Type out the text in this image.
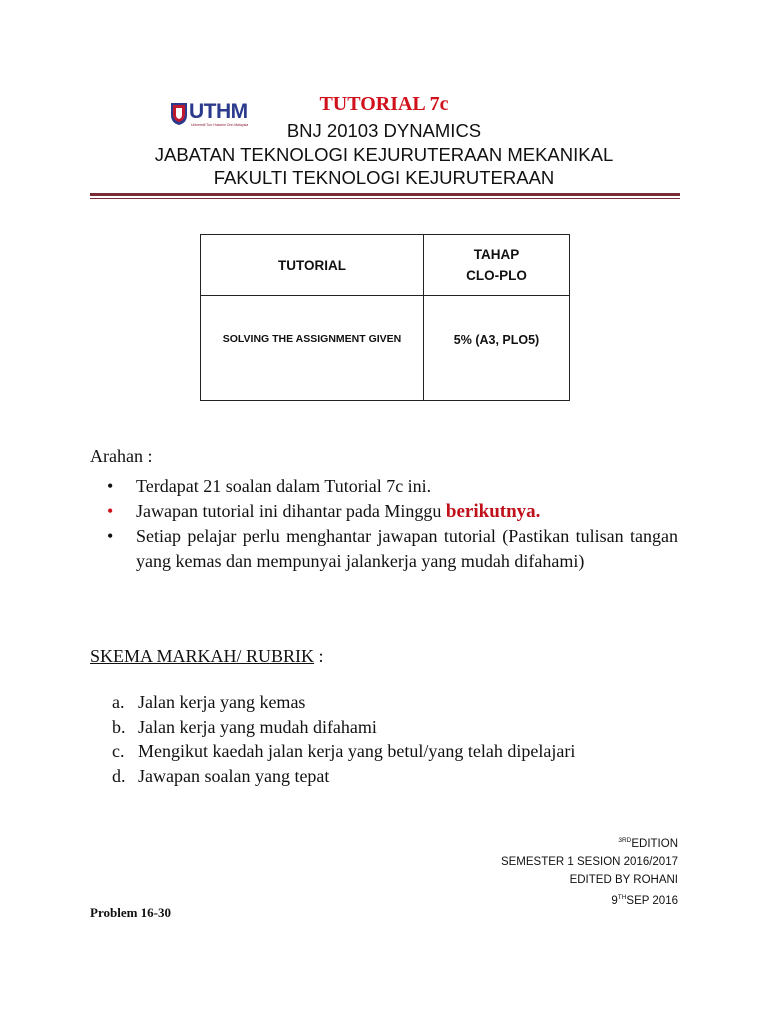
UTHM
Universiti Tun Hussein Onn Malaysia
TUTORIAL 7c
BNJ 20103 DYNAMICS
JABATAN TEKNOLOGI KEJURUTERAAN MEKANIKAL
FAKULTI TEKNOLOGI KEJURUTERAAN
TUTORIAL	TAHAP
CLO-PLO

SOLVING THE ASSIGNMENT GIVEN	5% (A3, PLO5)
Arahan :
• Terdapat 21 soalan dalam Tutorial 7c ini.
• Jawapan tutorial ini dihantar pada Minggu berikutnya.
• Setiap pelajar perlu menghantar jawapan tutorial (Pastikan tulisan tangan yang kemas dan mempunyai jalankerja yang mudah difahami)
SKEMA MARKAH/ RUBRIK :
a. Jalan kerja yang kemas
b. Jalan kerja yang mudah difahami
c. Mengikut kaedah jalan kerja yang betul/yang telah dipelajari
d. Jawapan soalan yang tepat
$^{3RD}$EDITION
SEMESTER 1 SESION 2016/2017
EDITED BY ROHANI
9THSEP 2016
Problem 16-30
